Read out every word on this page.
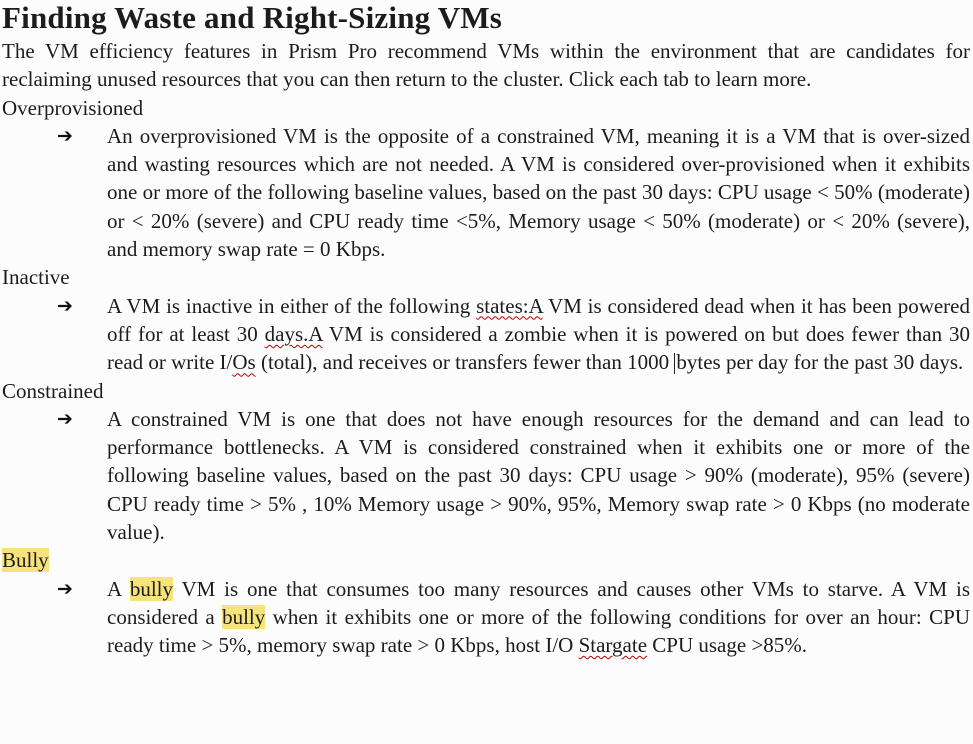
Finding Waste and Right-Sizing VMs

The VM efficiency features in Prism Pro recommend VMs within the environment that are candidates for reclaiming unused resources that you can then return to the cluster. Click each tab to learn more.

Overprovisioned
➔	An overprovisioned VM is the opposite of a constrained VM, meaning it is a VM that is over-sized and wasting resources which are not needed. A VM is considered over-provisioned when it exhibits one or more of the following baseline values, based on the past 30 days: CPU usage < 50% (moderate) or < 20% (severe) and CPU ready time <5%, Memory usage < 50% (moderate) or < 20% (severe), and memory swap rate = 0 Kbps.
Inactive
➔	A VM is inactive in either of the following states:A VM is considered dead when it has been powered off for at least 30 days.A VM is considered a zombie when it is powered on but does fewer than 30 read or write I/Os (total), and receives or transfers fewer than 1000 bytes per day for the past 30 days.
Constrained
➔	A constrained VM is one that does not have enough resources for the demand and can lead to performance bottlenecks. A VM is considered constrained when it exhibits one or more of the following baseline values, based on the past 30 days: CPU usage > 90% (moderate), 95% (severe) CPU ready time > 5% , 10% Memory usage > 90%, 95%, Memory swap rate > 0 Kbps (no moderate value).
Bully
➔	A bully VM is one that consumes too many resources and causes other VMs to starve. A VM is considered a bully when it exhibits one or more of the following conditions for over an hour: CPU ready time > 5%, memory swap rate > 0 Kbps, host I/O Stargate CPU usage >85%.
